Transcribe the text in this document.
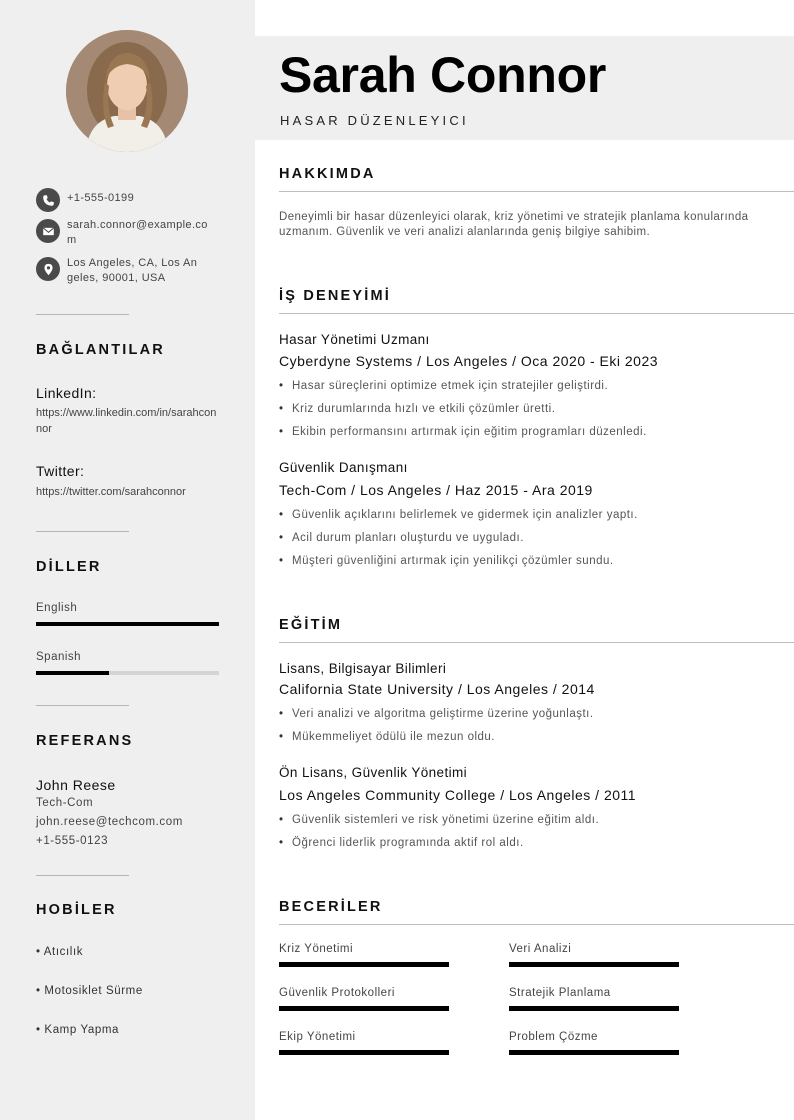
+1-555-0199
sarah.connor@example.com
Los Angeles, CA, Los Angeles, 90001, USA
BAĞLANTILAR
LinkedIn:
https://www.linkedin.com/in/sarahconnor
Twitter:
https://twitter.com/sarahconnor
DİLLER
English
Spanish
REFERANS
John Reese
Tech-Com
john.reese@techcom.com
+1-555-0123
HOBİLER
• Atıcılık
• Motosiklet Sürme
• Kamp Yapma
Sarah Connor
HASAR DÜZENLEYICI
HAKKIMDA
Deneyimli bir hasar düzenleyici olarak, kriz yönetimi ve stratejik planlama konularında uzmanım. Güvenlik ve veri analizi alanlarında geniş bilgiye sahibim.
İŞ DENEYİMİ
Hasar Yönetimi Uzmanı
Cyberdyne Systems / Los Angeles / Oca 2020 - Eki 2023
• Hasar süreçlerini optimize etmek için stratejiler geliştirdi.
• Kriz durumlarında hızlı ve etkili çözümler üretti.
• Ekibin performansını artırmak için eğitim programları düzenledi.
Güvenlik Danışmanı
Tech-Com / Los Angeles / Haz 2015 - Ara 2019
• Güvenlik açıklarını belirlemek ve gidermek için analizler yaptı.
• Acil durum planları oluşturdu ve uyguladı.
• Müşteri güvenliğini artırmak için yenilikçi çözümler sundu.
EĞİTİM
Lisans, Bilgisayar Bilimleri
California State University / Los Angeles / 2014
• Veri analizi ve algoritma geliştirme üzerine yoğunlaştı.
• Mükemmeliyet ödülü ile mezun oldu.
Ön Lisans, Güvenlik Yönetimi
Los Angeles Community College / Los Angeles / 2011
• Güvenlik sistemleri ve risk yönetimi üzerine eğitim aldı.
• Öğrenci liderlik programında aktif rol aldı.
BECERİLER
Kriz Yönetimi	Veri Analizi
Güvenlik Protokolleri	Stratejik Planlama
Ekip Yönetimi	Problem Çözme
